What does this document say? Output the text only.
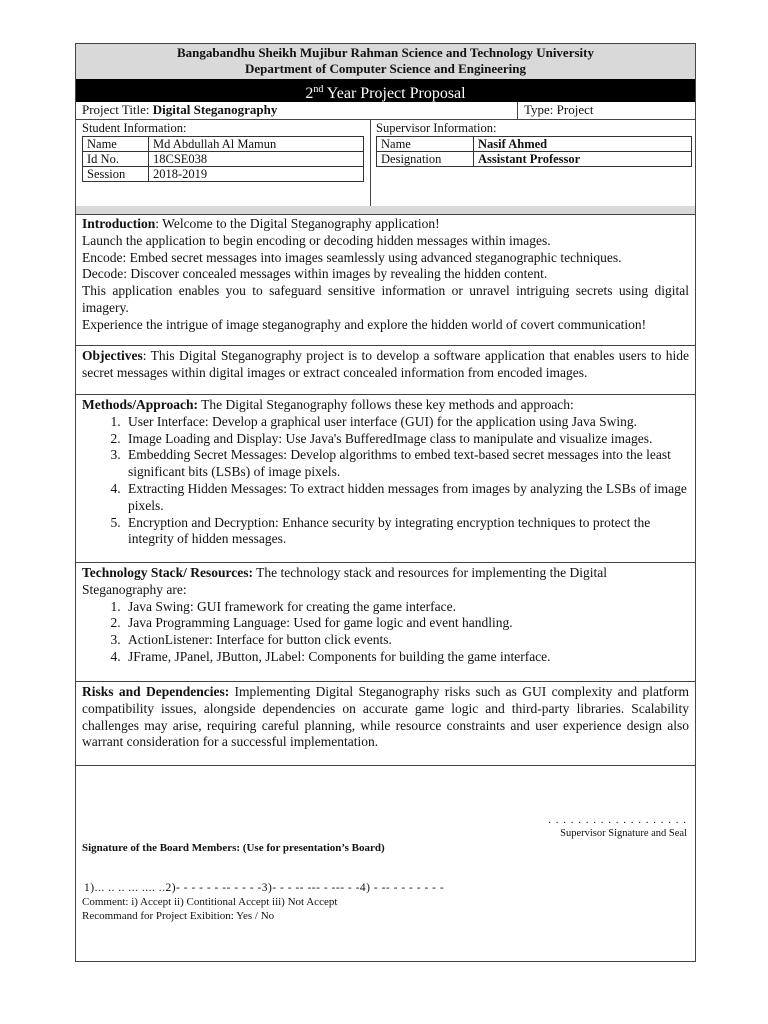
Bangabandhu Sheikh Mujibur Rahman Science and Technology University
Department of Computer Science and Engineering
2nd Year Project Proposal
Project Title: Digital Steganography	Type: Project
Student Information:
Name	Md Abdullah Al Mamun
Id No.	18CSE038
Session	2018-2019
Supervisor Information:
Name	Nasif Ahmed
Designation	Assistant Professor

Introduction: Welcome to the Digital Steganography application!

Launch the application to begin encoding or decoding hidden messages within images.

Encode: Embed secret messages into images seamlessly using advanced steganographic techniques.

Decode: Discover concealed messages within images by revealing the hidden content.

This application enables you to safeguard sensitive information or unravel intriguing secrets using digital imagery.

Experience the intrigue of image steganography and explore the hidden world of covert communication!

Objectives: This Digital Steganography project is to develop a software application that enables users to hide secret messages within digital images or extract concealed information from encoded images.

Methods/Approach: The Digital Steganography follows these key methods and approach:

1. User Interface: Develop a graphical user interface (GUI) for the application using Java Swing.
2. Image Loading and Display: Use Java's BufferedImage class to manipulate and visualize images.
3. Embedding Secret Messages: Develop algorithms to embed text-based secret messages into the least significant bits (LSBs) of image pixels.
4. Extracting Hidden Messages: To extract hidden messages from images by analyzing the LSBs of image pixels.
5. Encryption and Decryption: Enhance security by integrating encryption techniques to protect the integrity of hidden messages.

Technology Stack/ Resources: The technology stack and resources for implementing the Digital Steganography are:

1. Java Swing: GUI framework for creating the game interface.
2. Java Programming Language: Used for game logic and event handling.
3. ActionListener: Interface for button click events.
4. JFrame, JPanel, JButton, JLabel: Components for building the game interface.

Risks and Dependencies: Implementing Digital Steganography risks such as GUI complexity and platform compatibility issues, alongside dependencies on accurate game logic and third-party libraries. Scalability challenges may arise, requiring careful planning, while resource constraints and user experience design also warrant consideration for a successful implementation.

. . . . . . . . . . . . . . . . . . .
Supervisor Signature and Seal
Signature of the Board Members: (Use for presentation’s Board)
1)... .. .. ... .... ..2)- - - - - - -- - - - -3)- - - -- --- - --- - -4) - -- - - - - - - -
Comment: i) Accept ii) Contitional Accept iii) Not Accept
Recommand for Project Exibition: Yes / No
